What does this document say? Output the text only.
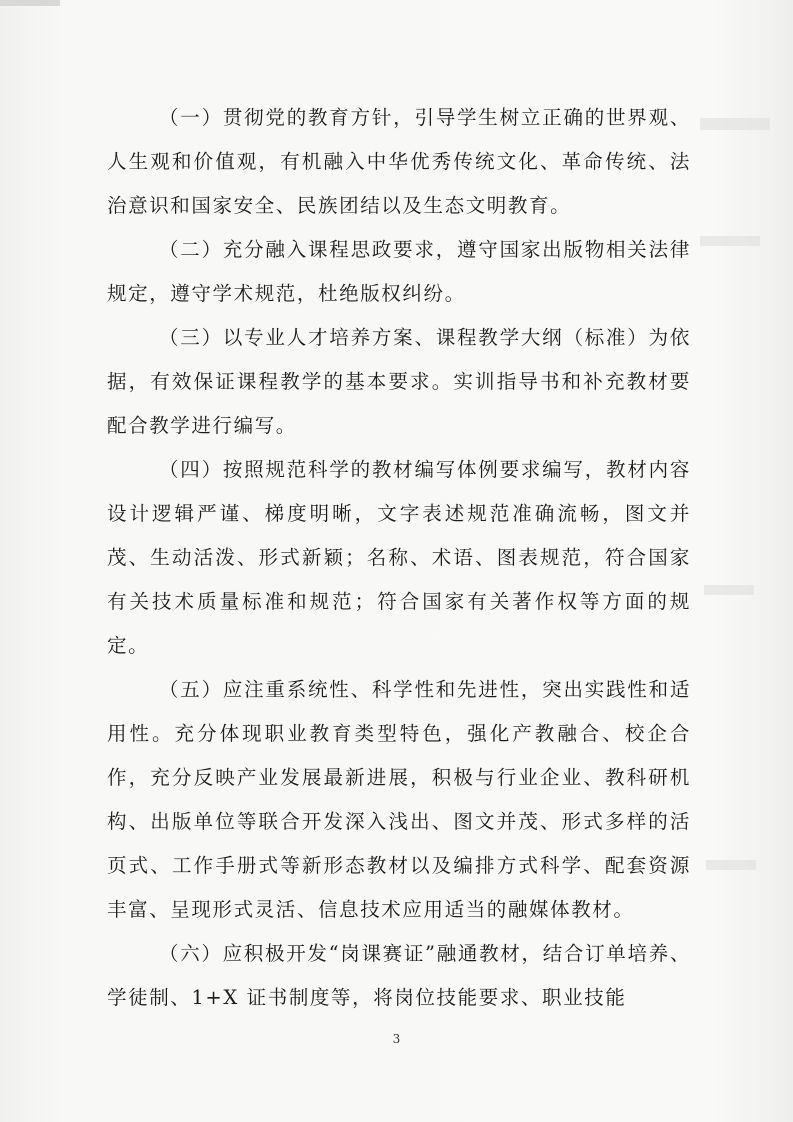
（一）贯彻党的教育方针，引导学生树立正确的世界观、人生观和价值观，有机融入中华优秀传统文化、革命传统、法治意识和国家安全、民族团结以及生态文明教育。

（二）充分融入课程思政要求，遵守国家出版物相关法律规定，遵守学术规范，杜绝版权纠纷。

（三）以专业人才培养方案、课程教学大纲（标准）为依据，有效保证课程教学的基本要求。实训指导书和补充教材要配合教学进行编写。

（四）按照规范科学的教材编写体例要求编写，教材内容设计逻辑严谨、梯度明晰，文字表述规范准确流畅，图文并茂、生动活泼、形式新颖；名称、术语、图表规范，符合国家有关技术质量标准和规范；符合国家有关著作权等方面的规定。

（五）应注重系统性、科学性和先进性，突出实践性和适用性。充分体现职业教育类型特色，强化产教融合、校企合作，充分反映产业发展最新进展，积极与行业企业、教科研机构、出版单位等联合开发深入浅出、图文并茂、形式多样的活页式、工作手册式等新形态教材以及编排方式科学、配套资源丰富、呈现形式灵活、信息技术应用适当的融媒体教材。

（六）应积极开发“岗课赛证”融通教材，结合订单培养、学徒制、1+X 证书制度等，将岗位技能要求、职业技能

3
